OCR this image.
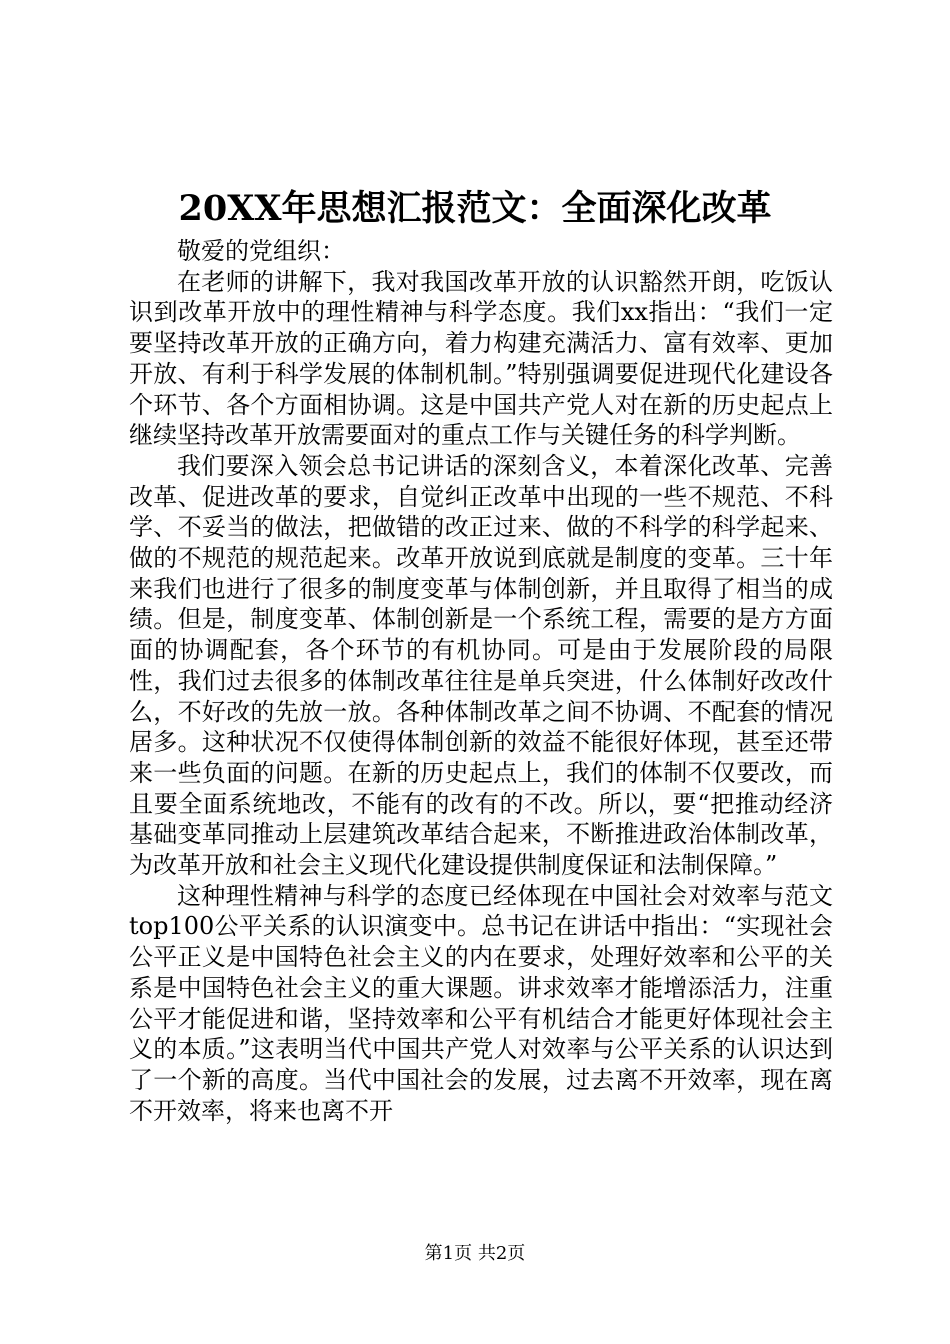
20XX年思想汇报范文：全面深化改革

敬爱的党组织：

在老师的讲解下，我对我国改革开放的认识豁然开朗，吃饭认识到改革开放中的理性精神与科学态度。我们xx指出：“我们一定要坚持改革开放的正确方向，着力构建充满活力、富有效率、更加开放、有利于科学发展的体制机制。”特别强调要促进现代化建设各个环节、各个方面相协调。这是中国共产党人对在新的历史起点上继续坚持改革开放需要面对的重点工作与关键任务的科学判断。

我们要深入领会总书记讲话的深刻含义，本着深化改革、完善改革、促进改革的要求，自觉纠正改革中出现的一些不规范、不科学、不妥当的做法，把做错的改正过来、做的不科学的科学起来、做的不规范的规范起来。改革开放说到底就是制度的变革。三十年来我们也进行了很多的制度变革与体制创新，并且取得了相当的成绩。但是，制度变革、体制创新是一个系统工程，需要的是方方面面的协调配套，各个环节的有机协同。可是由于发展阶段的局限性，我们过去很多的体制改革往往是单兵突进，什么体制好改改什么，不好改的先放一放。各种体制改革之间不协调、不配套的情况居多。这种状况不仅使得体制创新的效益不能很好体现，甚至还带来一些负面的问题。在新的历史起点上，我们的体制不仅要改，而且要全面系统地改，不能有的改有的不改。所以，要“把推动经济基础变革同推动上层建筑改革结合起来，不断推进政治体制改革，为改革开放和社会主义现代化建设提供制度保证和法制保障。”

这种理性精神与科学的态度已经体现在中国社会对效率与范文top100公平关系的认识演变中。总书记在讲话中指出：“实现社会公平正义是中国特色社会主义的内在要求，处理好效率和公平的关系是中国特色社会主义的重大课题。讲求效率才能增添活力，注重公平才能促进和谐，坚持效率和公平有机结合才能更好体现社会主义的本质。”这表明当代中国共产党人对效率与公平关系的认识达到了一个新的高度。当代中国社会的发展，过去离不开效率，现在离不开效率，将来也离不开

第1页 共2页
